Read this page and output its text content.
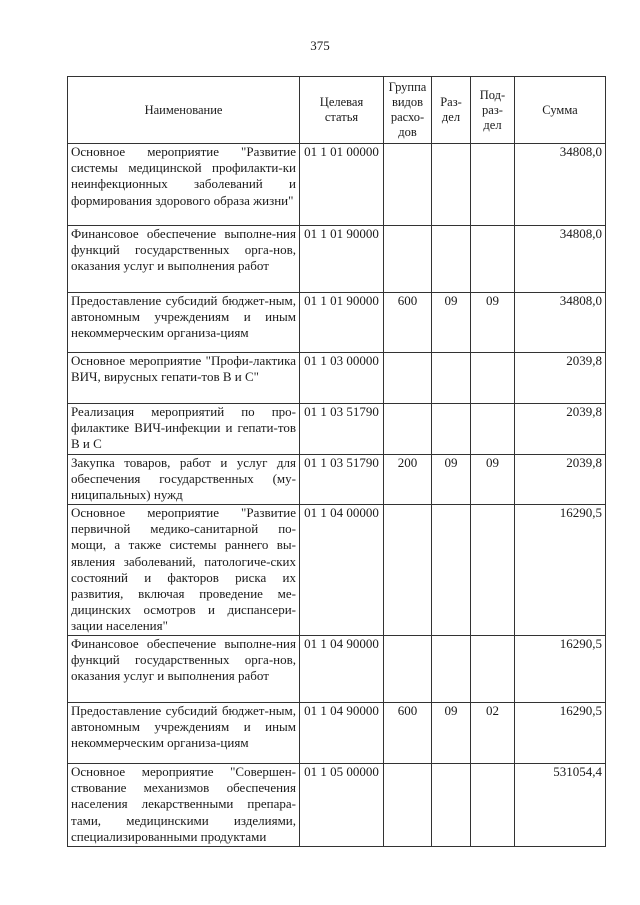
375
Наименование	Целевая статья	Группа видов расхо-дов	Раз-дел	Под-раз-дел	Сумма
Основное мероприятие "Развитие системы медицинской профилакти-ки неинфекционных заболеваний и формирования здорового образа жизни"	01 1 01 00000				34808,0
Финансовое обеспечение выполне-ния функций государственных орга-нов, оказания услуг и выполнения работ	01 1 01 90000				34808,0
Предоставление субсидий бюджет-ным, автономным учреждениям и иным некоммерческим организа-циям	01 1 01 90000	600	09	09	34808,0
Основное мероприятие "Профи-лактика ВИЧ, вирусных гепати-тов В и С"	01 1 03 00000				2039,8
Реализация мероприятий по про-филактике ВИЧ-инфекции и гепати-тов В и С	01 1 03 51790				2039,8
Закупка товаров, работ и услуг для обеспечения государственных (му-ниципальных) нужд	01 1 03 51790	200	09	09	2039,8
Основное мероприятие "Развитие первичной медико-санитарной по-мощи, а также системы раннего вы-явления заболеваний, патологиче-ских состояний и факторов риска их развития, включая проведение ме-дицинских осмотров и диспансери-зации населения"	01 1 04 00000				16290,5
Финансовое обеспечение выполне-ния функций государственных орга-нов, оказания услуг и выполнения работ	01 1 04 90000				16290,5
Предоставление субсидий бюджет-ным, автономным учреждениям и иным некоммерческим организа-циям	01 1 04 90000	600	09	02	16290,5
Основное мероприятие "Совершен-ствование механизмов обеспечения населения лекарственными препара-тами, медицинскими изделиями, специализированными продуктами	01 1 05 00000				531054,4
